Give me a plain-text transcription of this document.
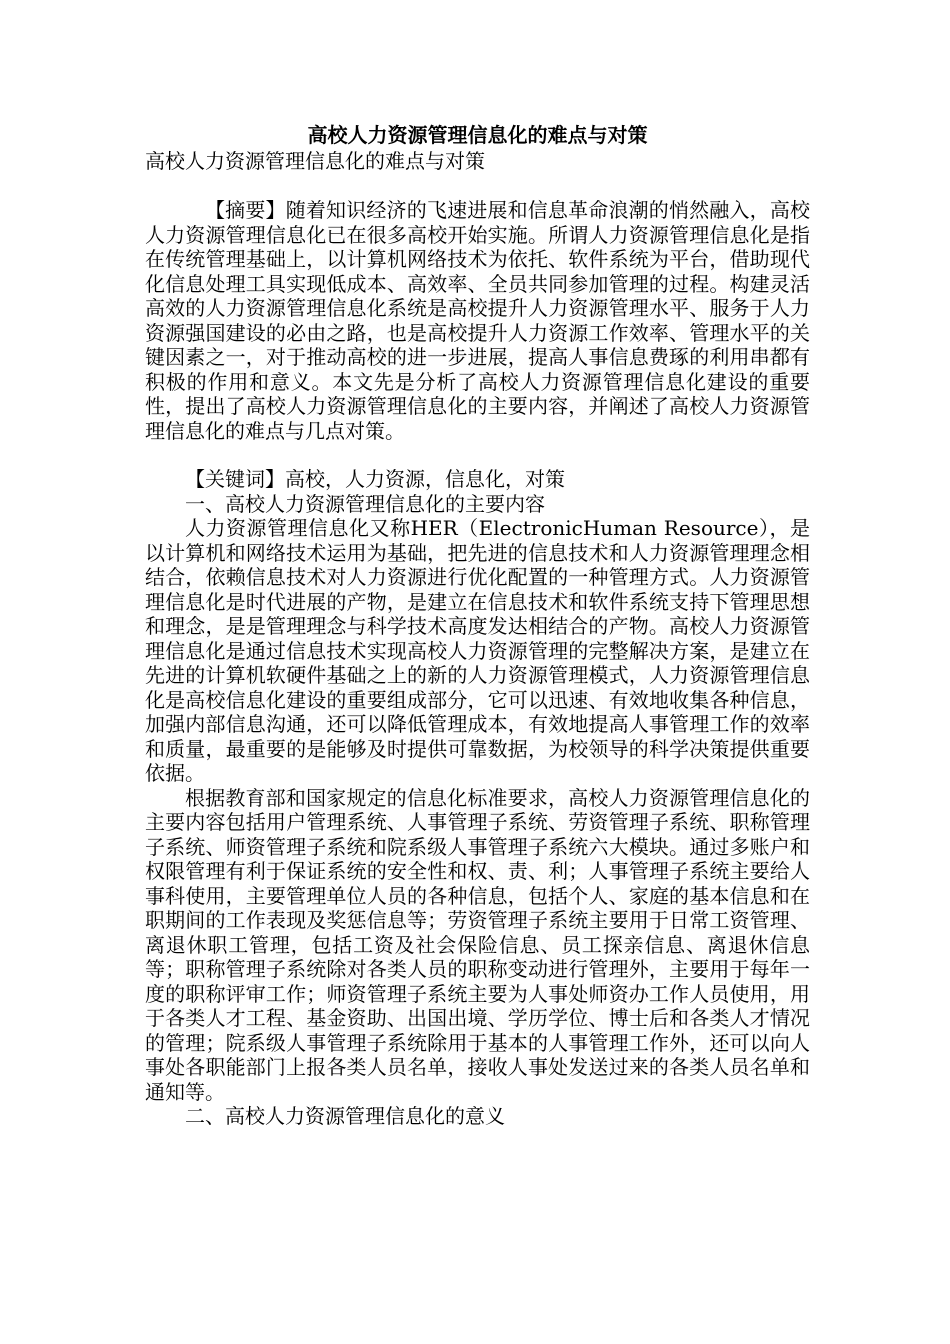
高校人力资源管理信息化的难点与对策
高校人力资源管理信息化的难点与对策

【摘要】随着知识经济的飞速进展和信息革命浪潮的悄然融入，高校人力资源管理信息化已在很多高校开始实施。所谓人力资源管理信息化是指在传统管理基础上，以计算机网络技术为依托、软件系统为平台，借助现代化信息处理工具实现低成本、高效率、全员共同参加管理的过程。构建灵活高效的人力资源管理信息化系统是高校提升人力资源管理水平、服务于人力资源强国建设的必由之路，也是高校提升人力资源工作效率、管理水平的关键因素之一，对于推动高校的进一步进展，提高人事信息费琢的利用串都有积极的作用和意义。本文先是分析了高校人力资源管理信息化建设的重要性，提出了高校人力资源管理信息化的主要内容，并阐述了高校人力资源管理信息化的难点与几点对策。

【关键词】高校，人力资源，信息化，对策

一、高校人力资源管理信息化的主要内容

人力资源管理信息化又称HER（ElectronicHuman Resource），是以计算机和网络技术运用为基础，把先进的信息技术和人力资源管理理念相结合，依赖信息技术对人力资源进行优化配置的一种管理方式。人力资源管理信息化是时代进展的产物，是建立在信息技术和软件系统支持下管理思想和理念，是是管理理念与科学技术高度发达相结合的产物。高校人力资源管理信息化是通过信息技术实现高校人力资源管理的完整解决方案，是建立在先进的计算机软硬件基础之上的新的人力资源管理模式，人力资源管理信息化是高校信息化建设的重要组成部分，它可以迅速、有效地收集各种信息，加强内部信息沟通，还可以降低管理成本，有效地提高人事管理工作的效率和质量，最重要的是能够及时提供可靠数据，为校领导的科学决策提供重要依据。

根据教育部和国家规定的信息化标准要求，高校人力资源管理信息化的主要内容包括用户管理系统、人事管理子系统、劳资管理子系统、职称管理子系统、师资管理子系统和院系级人事管理子系统六大模块。通过多账户和权限管理有利于保证系统的安全性和权、责、利；人事管理子系统主要给人事科使用，主要管理单位人员的各种信息，包括个人、家庭的基本信息和在职期间的工作表现及奖惩信息等；劳资管理子系统主要用于日常工资管理、离退休职工管理，包括工资及社会保险信息、员工探亲信息、离退休信息等；职称管理子系统除对各类人员的职称变动进行管理外，主要用于每年一度的职称评审工作；师资管理子系统主要为人事处师资办工作人员使用，用于各类人才工程、基金资助、出国出境、学历学位、博士后和各类人才情况的管理；院系级人事管理子系统除用于基本的人事管理工作外，还可以向人事处各职能部门上报各类人员名单，接收人事处发送过来的各类人员名单和通知等。

二、高校人力资源管理信息化的意义
